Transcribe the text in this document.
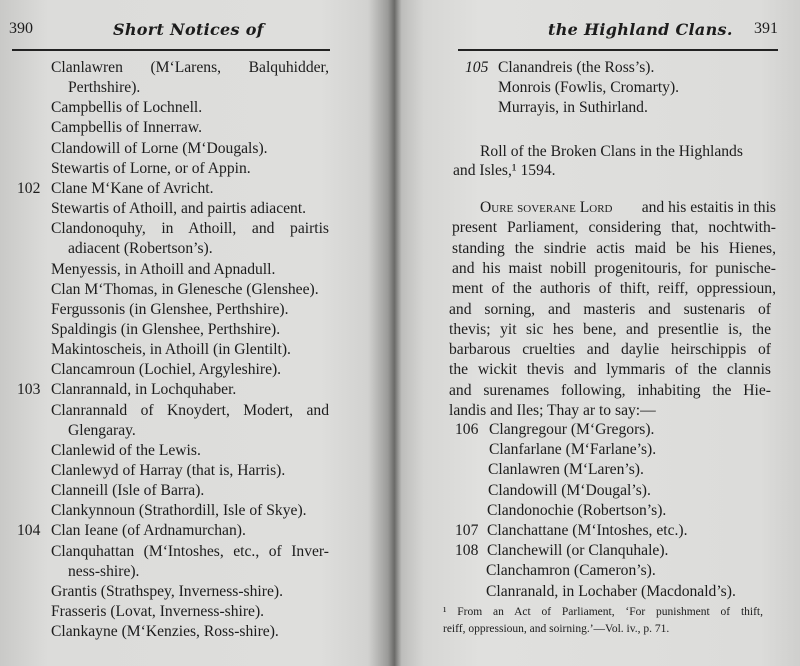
390	Short Notices of
Clanlawren (M‘Larens, Balquhidder,
Perthshire).
Campbellis of Lochnell.
Campbellis of Innerraw.
Clandowill of Lorne (M‘Dougals).
Stewartis of Lorne, or of Appin.
102 Clane M‘Kane of Avricht.
Stewartis of Athoill, and pairtis adiacent.
Clandonoquhy, in Athoill, and pairtis
adiacent (Robertson’s).
Menyessis, in Athoill and Apnadull.
Clan M‘Thomas, in Glenesche (Glenshee).
Fergussonis (in Glenshee, Perthshire).
Spaldingis (in Glenshee, Perthshire).
Makintoscheis, in Athoill (in Glentilt).
Clancamroun (Lochiel, Argyleshire).
103 Clanrannald, in Lochquhaber.
Clanrannald of Knoydert, Modert, and
Glengaray.
Clanlewid of the Lewis.
Clanlewyd of Harray (that is, Harris).
Clanneill (Isle of Barra).
Clankynnoun (Strathordill, Isle of Skye).
104 Clan Ieane (of Ardnamurchan).
Clanquhattan (M‘Intoshes, etc., of Inver-
ness-shire).
Grantis (Strathspey, Inverness-shire).
Frasseris (Lovat, Inverness-shire).
Clankayne (M‘Kenzies, Ross-shire).
the Highland Clans. 391
105 Clanandreis (the Ross’s).
Monrois (Fowlis, Cromarty).
Murrayis, in Suthirland.
Roll of the Broken Clans in the Highlands
and Isles,¹ 1594.
Oure soverane Lord and his estaitis in this
present Parliament, considering that, nochtwith-
standing the sindrie actis maid be his Hienes,
and his maist nobill progenitouris, for punische-
ment of the authoris of thift, reiff, oppressioun,
and sorning, and masteris and sustenaris of
thevis; yit sic hes bene, and presentlie is, the
barbarous cruelties and daylie heirschippis of
the wickit thevis and lymmaris of the clannis
and surenames following, inhabiting the Hie-
landis and Iles; Thay ar to say:—
106 Clangregour (M‘Gregors).
Clanfarlane (M‘Farlane’s).
Clanlawren (M‘Laren’s).
Clandowill (M‘Dougal’s).
Clandonochie (Robertson’s).
107 Clanchattane (M‘Intoshes, etc.).
108 Clanchewill (or Clanquhale).
Clanchamron (Cameron’s).
Clanranald, in Lochaber (Macdonald’s).
¹ From an Act of Parliament, ‘For punishment of thift,
reiff, oppressioun, and soirning.’—Vol. iv., p. 71.
